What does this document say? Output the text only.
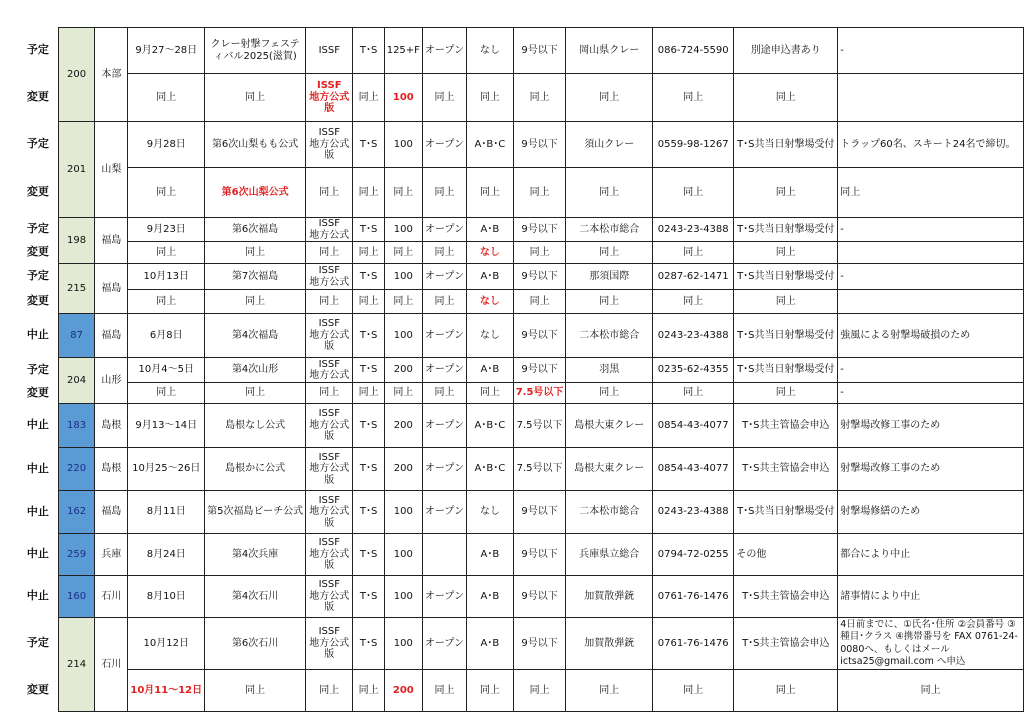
予定	200	本部	9月27〜28日	クレー射撃フェスティバル2025(滋賀)	ISSF	T･S	125+F	オープン	なし	9号以下	岡山県クレー	086-724-5590	別途申込書あり	-
変更			同上	同上	ISSF
地方公式
版	同上	100	同上	同上	同上	同上	同上	同上	
予定	201	山梨	9月28日	第6次山梨もも公式	ISSF
地方公式
版	T･S	100	オープン	A･B･C	9号以下	須山クレー	0559-98-1267	T･S共当日射撃場受付	トラップ60名、スキート24名で締切。
変更			同上	第6次山梨公式	同上	同上	同上	同上	同上	同上	同上	同上	同上	同上
予定	198	福島	9月23日	第6次福島	ISSF
地方公式	T･S	100	オープン	A･B	9号以下	二本松市総合	0243-23-4388	T･S共当日射撃場受付	-
変更			同上	同上	同上	同上	同上	同上	なし	同上	同上	同上	同上	
予定	215	福島	10月13日	第7次福島	ISSF
地方公式	T･S	100	オープン	A･B	9号以下	那須国際	0287-62-1471	T･S共当日射撃場受付	-
変更			同上	同上	同上	同上	同上	同上	なし	同上	同上	同上	同上	
中止	87	福島	6月8日	第4次福島	ISSF
地方公式
版	T･S	100	オープン	なし	9号以下	二本松市総合	0243-23-4388	T･S共当日射撃場受付	強風による射撃場破損のため
予定	204	山形	10月4〜5日	第4次山形	ISSF
地方公式	T･S	200	オープン	A･B	9号以下	羽黒	0235-62-4355	T･S共当日射撃場受付	-
変更			同上	同上	同上	同上	同上	同上	同上	7.5号以下	同上	同上	同上	-
中止	183	島根	9月13〜14日	島根なし公式	ISSF
地方公式
版	T･S	200	オープン	A･B･C	7.5号以下	島根大東クレー	0854-43-4077	T･S共主管協会申込	射撃場改修工事のため
中止	220	島根	10月25〜26日	島根かに公式	ISSF
地方公式
版	T･S	200	オープン	A･B･C	7.5号以下	島根大東クレー	0854-43-4077	T･S共主管協会申込	射撃場改修工事のため
中止	162	福島	8月11日	第5次福島ビーチ公式	ISSF
地方公式
版	T･S	100	オープン	なし	9号以下	二本松市総合	0243-23-4388	T･S共当日射撃場受付	射撃場修繕のため
中止	259	兵庫	8月24日	第4次兵庫	ISSF
地方公式
版	T･S	100		A･B	9号以下	兵庫県立総合	0794-72-0255	その他	都合により中止
中止	160	石川	8月10日	第4次石川	ISSF
地方公式
版	T･S	100	オープン	A･B	9号以下	加賀散弾銃	0761-76-1476	T･S共主管協会申込	諸事情により中止
予定	214	石川	10月12日	第6次石川	ISSF
地方公式
版	T･S	100	オープン	A･B	9号以下	加賀散弾銃	0761-76-1476	T･S共主管協会申込	4日前までに、①氏名･住所 ②会員番号 ③種目･クラス ④携帯番号を FAX 0761-24-0080へ、もしくはメール ictsa25@gmail.com へ申込
変更			10月11〜12日	同上	同上	同上	200	同上	同上	同上	同上	同上	同上	同上
